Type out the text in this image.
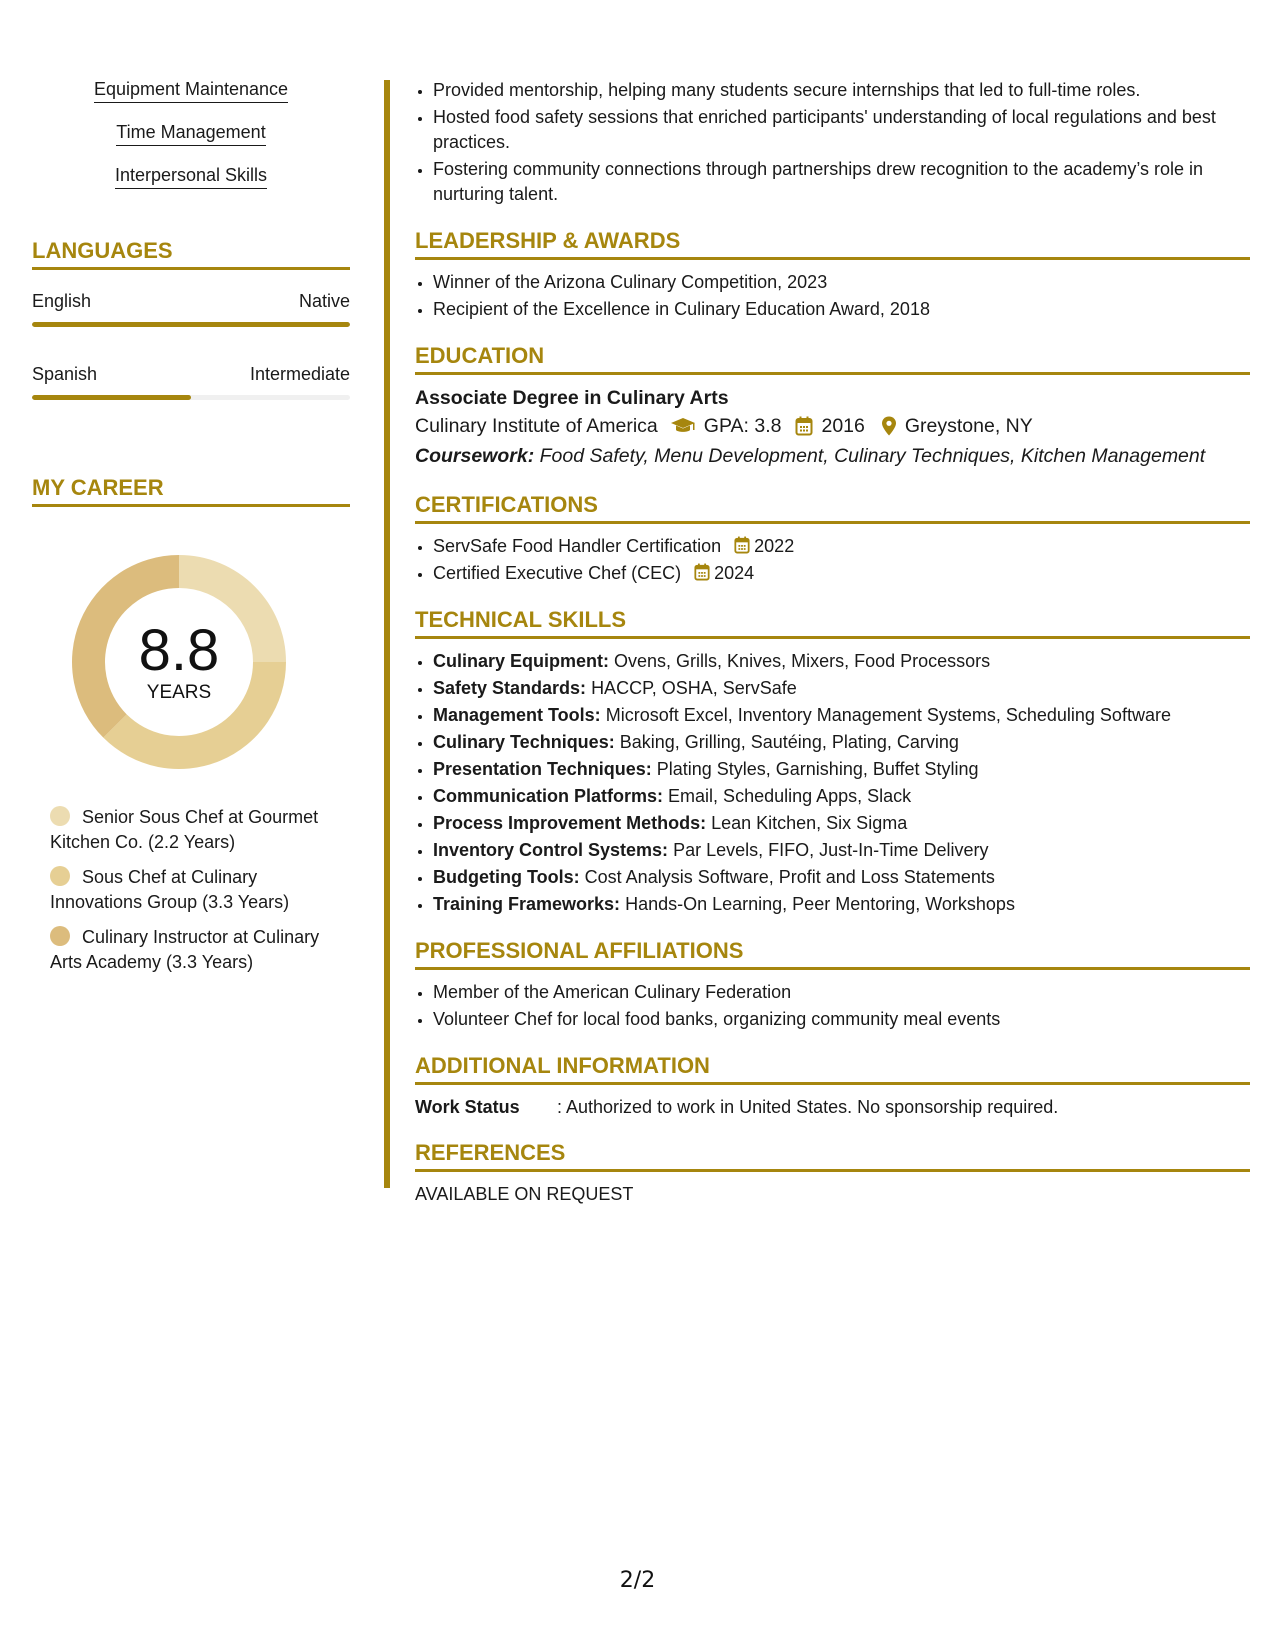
Equipment Maintenance
Time Management
Interpersonal Skills
LANGUAGES
English	Native
Spanish	Intermediate
MY CAREER
8.8
YEARS
Senior Sous Chef at Gourmet Kitchen Co. (2.2 Years)
Sous Chef at Culinary Innovations Group (3.3 Years)
Culinary Instructor at Culinary Arts Academy (3.3 Years)
• Provided mentorship, helping many students secure internships that led to full-time roles.
• Hosted food safety sessions that enriched participants' understanding of local regulations and best practices.
• Fostering community connections through partnerships drew recognition to the academy’s role in nurturing talent.
LEADERSHIP & AWARDS
• Winner of the Arizona Culinary Competition, 2023
• Recipient of the Excellence in Culinary Education Award, 2018
EDUCATION
Associate Degree in Culinary Arts
Culinary Institute of America GPA: 3.8 2016 Greystone, NY
Coursework: Food Safety, Menu Development, Culinary Techniques, Kitchen Management
CERTIFICATIONS
• ServSafe Food Handler Certification 2022
• Certified Executive Chef (CEC) 2024
TECHNICAL SKILLS
• Culinary Equipment: Ovens, Grills, Knives, Mixers, Food Processors
• Safety Standards: HACCP, OSHA, ServSafe
• Management Tools: Microsoft Excel, Inventory Management Systems, Scheduling Software
• Culinary Techniques: Baking, Grilling, Sautéing, Plating, Carving
• Presentation Techniques: Plating Styles, Garnishing, Buffet Styling
• Communication Platforms: Email, Scheduling Apps, Slack
• Process Improvement Methods: Lean Kitchen, Six Sigma
• Inventory Control Systems: Par Levels, FIFO, Just-In-Time Delivery
• Budgeting Tools: Cost Analysis Software, Profit and Loss Statements
• Training Frameworks: Hands-On Learning, Peer Mentoring, Workshops
PROFESSIONAL AFFILIATIONS
• Member of the American Culinary Federation
• Volunteer Chef for local food banks, organizing community meal events
ADDITIONAL INFORMATION
Work Status : Authorized to work in United States. No sponsorship required.
REFERENCES
AVAILABLE ON REQUEST
2/2
